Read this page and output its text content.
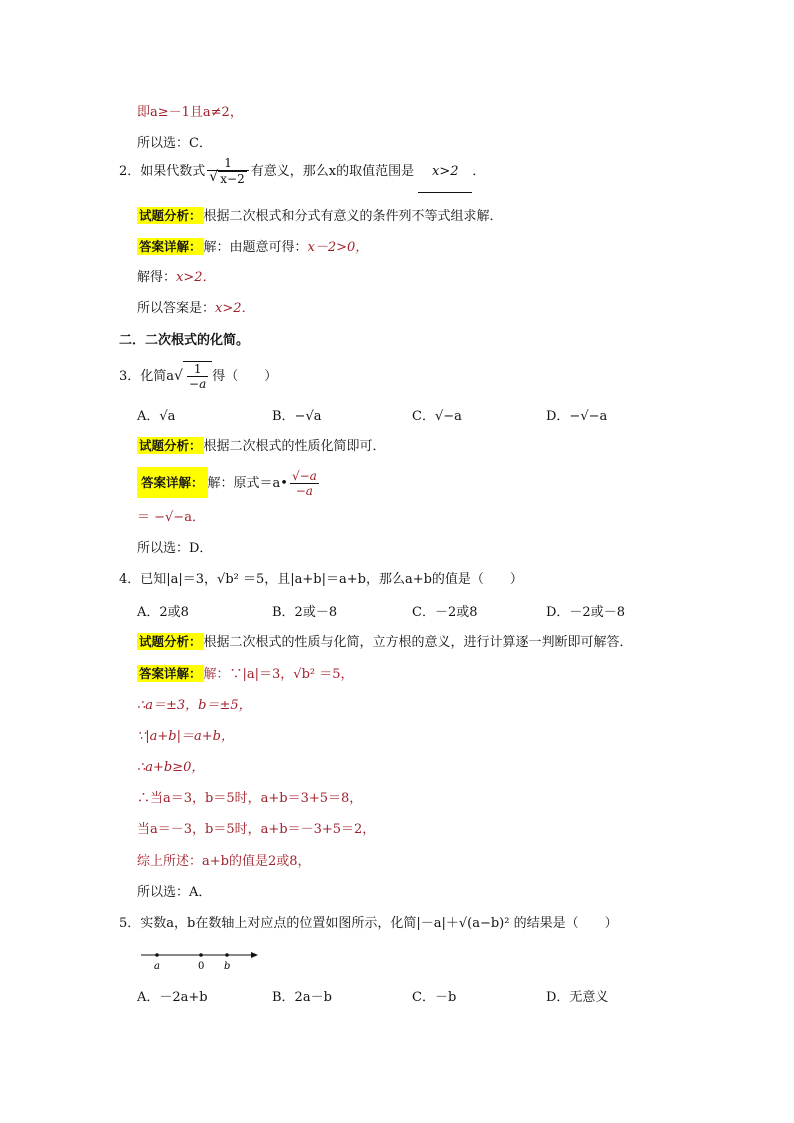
即a≥－1且a≠2，
所以选：C．
2．如果代数式 1
√ x−2 有意义，那么x的取值范围是 x>2 ．
试题分析： 根据二次根式和分式有意义的条件列不等式组求解．
答案详解： 解：由题意可得：x－2>0，
解得：x>2．
所以答案是：x>2．
二．二次根式的化简。
3．化简a
√ $\frac{1}{-a}$ 得（　　）
A．√a	B．−√a	C．√−a	D．−√−a
试题分析： 根据二次根式的性质化简即可．
答案详解： 解：原式＝a• $\frac{√-a}{-a}$
＝ −√−a．
所以选：D．
4．已知|a|＝3，√b² ＝5，且|a+b|＝a+b，那么a+b的值是（　　）
A．2或8	B．2或－8	C．－2或8	D．－2或－8
试题分析： 根据二次根式的性质与化简，立方根的意义，进行计算逐一判断即可解答．
答案详解： 解：∵|a|＝3，√b² ＝5，
∴a＝±3，b＝±5，
∵|a+b|＝a+b，
∴a+b≥0，
∴当a＝3，b＝5时，a+b＝3+5＝8，
当a＝－3，b＝5时，a+b＝－3+5＝2，
综上所述：a+b的值是2或8，
所以选：A．
5．实数a，b在数轴上对应点的位置如图所示，化简|－a|＋√(a−b)² 的结果是（　　）
a	0 b
A．－2a+b	B．2a－b	C．－b	D．无意义
